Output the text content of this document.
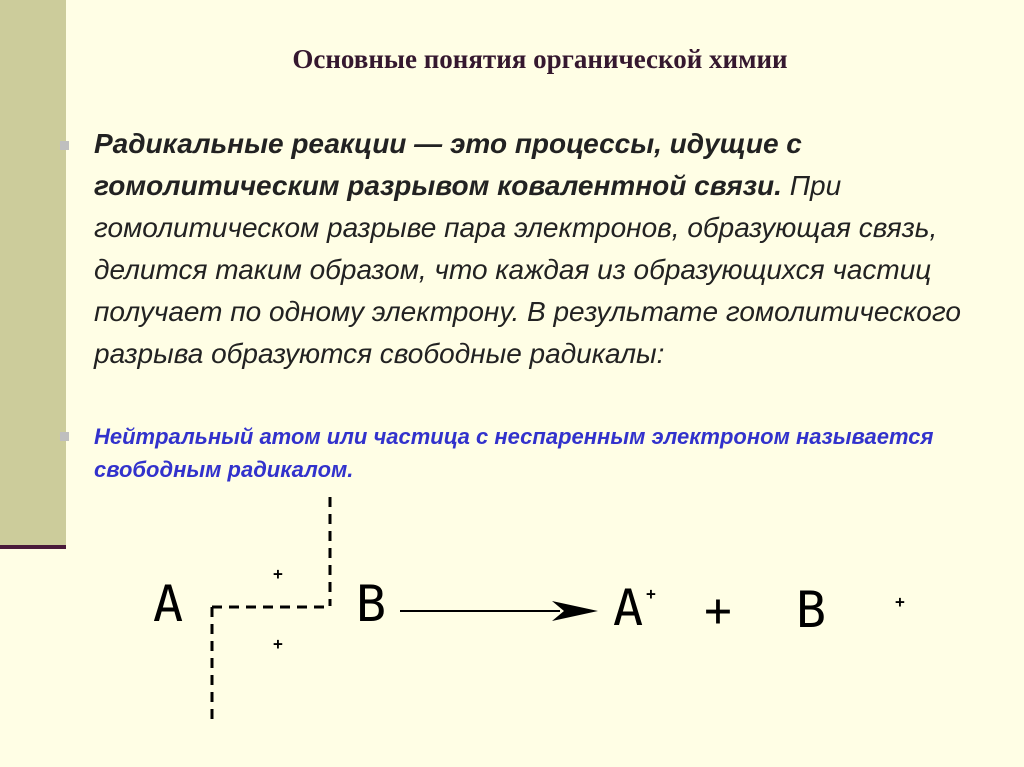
Основные понятия органической химии

Радикальные реакции — это процессы, идущие с гомолитическим разрывом ковалентной связи. При гомолитическом разрыве пара электронов, образующая связь, делится таким образом, что каждая из образующихся частиц получает по одному электрону. В результате гомолитического разрыва образуются свободные радикалы:

Нейтральный атом или частица с неспаренным электроном называется свободным радикалом.

+
+
A	B	A + + B	+
